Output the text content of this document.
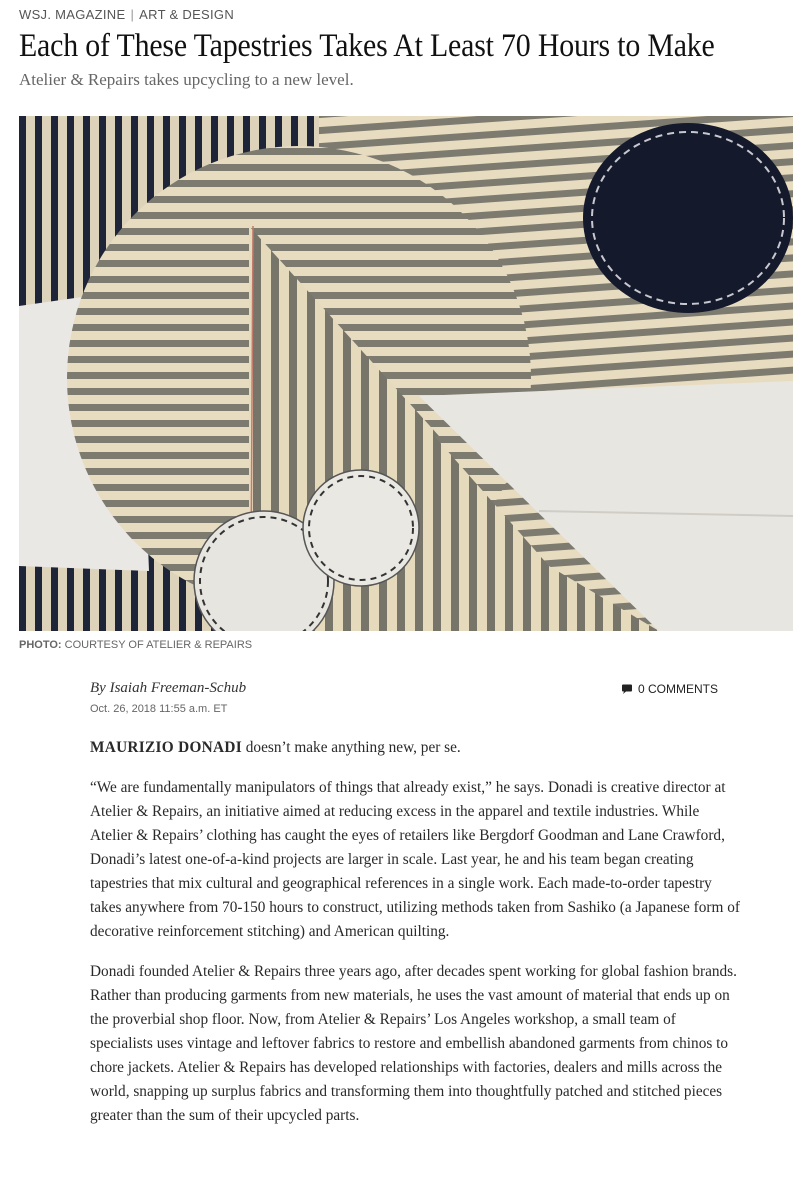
WSJ. MAGAZINE | ART & DESIGN
Each of These Tapestries Takes At Least 70 Hours to Make
Atelier & Repairs takes upcycling to a new level.
PHOTO: COURTESY OF ATELIER & REPAIRS
By Isaiah Freeman-Schub
Oct. 26, 2018 11:55 a.m. ET
0 COMMENTS

MAURIZIO DONADI doesn’t make anything new, per se.

“We are fundamentally manipulators of things that already exist,” he says. Donadi is creative director at Atelier & Repairs, an initiative aimed at reducing excess in the apparel and textile industries. While Atelier & Repairs’ clothing has caught the eyes of retailers like Bergdorf Goodman and Lane Crawford, Donadi’s latest one-of-a-kind projects are larger in scale. Last year, he and his team began creating tapestries that mix cultural and geographical references in a single work. Each made-to-order tapestry takes anywhere from 70-150 hours to construct, utilizing methods taken from Sashiko (a Japanese form of decorative reinforcement stitching) and American quilting.

Donadi founded Atelier & Repairs three years ago, after decades spent working for global fashion brands. Rather than producing garments from new materials, he uses the vast amount of material that ends up on the proverbial shop floor. Now, from Atelier & Repairs’ Los Angeles workshop, a small team of specialists uses vintage and leftover fabrics to restore and embellish abandoned garments from chinos to chore jackets. Atelier & Repairs has developed relationships with factories, dealers and mills across the world, snapping up surplus fabrics and transforming them into thoughtfully patched and stitched pieces greater than the sum of their upcycled parts.
